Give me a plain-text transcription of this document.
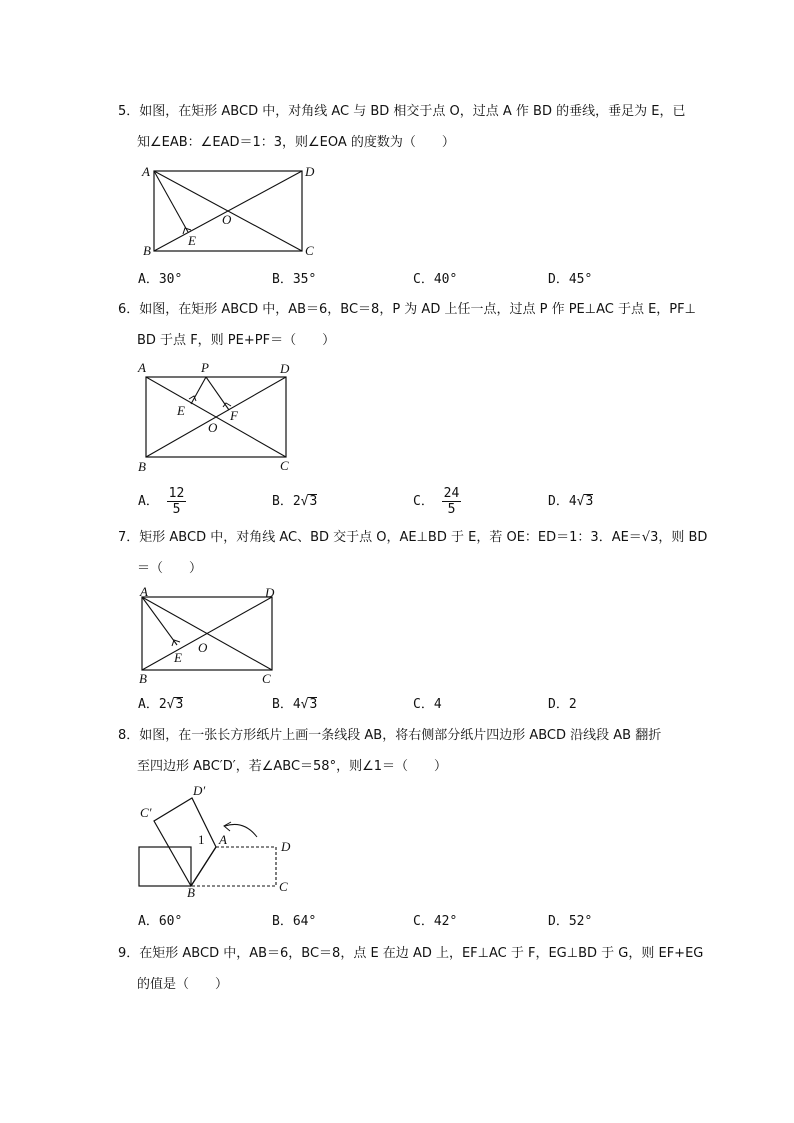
5．如图，在矩形 ABCD 中，对角线 AC 与 BD 相交于点 O，过点 A 作 BD 的垂线，垂足为 E，已
知∠EAB：∠EAD＝1：3，则∠EOA 的度数为（　　）
A	D
B	C
E
O
A．30°	B．35°	C．40°	D．45°
6．如图，在矩形 ABCD 中，AB＝6，BC＝8，P 为 AD 上任一点，过点 P 作 PE⊥AC 于点 E，PF⊥
BD 于点 F，则 PE+PF＝（　　）
A	P	D
B	C
E	F
O
A． $\frac{12}{5}$	B．2√3	C． $\frac{24}{5}$	D．4√3
7．矩形 ABCD 中，对角线 AC、BD 交于点 O，AE⊥BD 于 E，若 OE：ED＝1：3．AE＝√3，则 BD
＝（　　）
A	D
B	C
E
O
A．2√3	B．4√3	C．4	D．2
8．如图，在一张长方形纸片上画一条线段 AB，将右侧部分纸片四边形 ABCD 沿线段 AB 翻折
至四边形 ABC′D′，若∠ABC＝58°，则∠1＝（　　）
C′
D′
A
1	D
B	C
A．60°	B．64°	C．42°	D．52°
9．在矩形 ABCD 中，AB＝6，BC＝8，点 E 在边 AD 上，EF⊥AC 于 F，EG⊥BD 于 G，则 EF+EG
的值是（　　）
